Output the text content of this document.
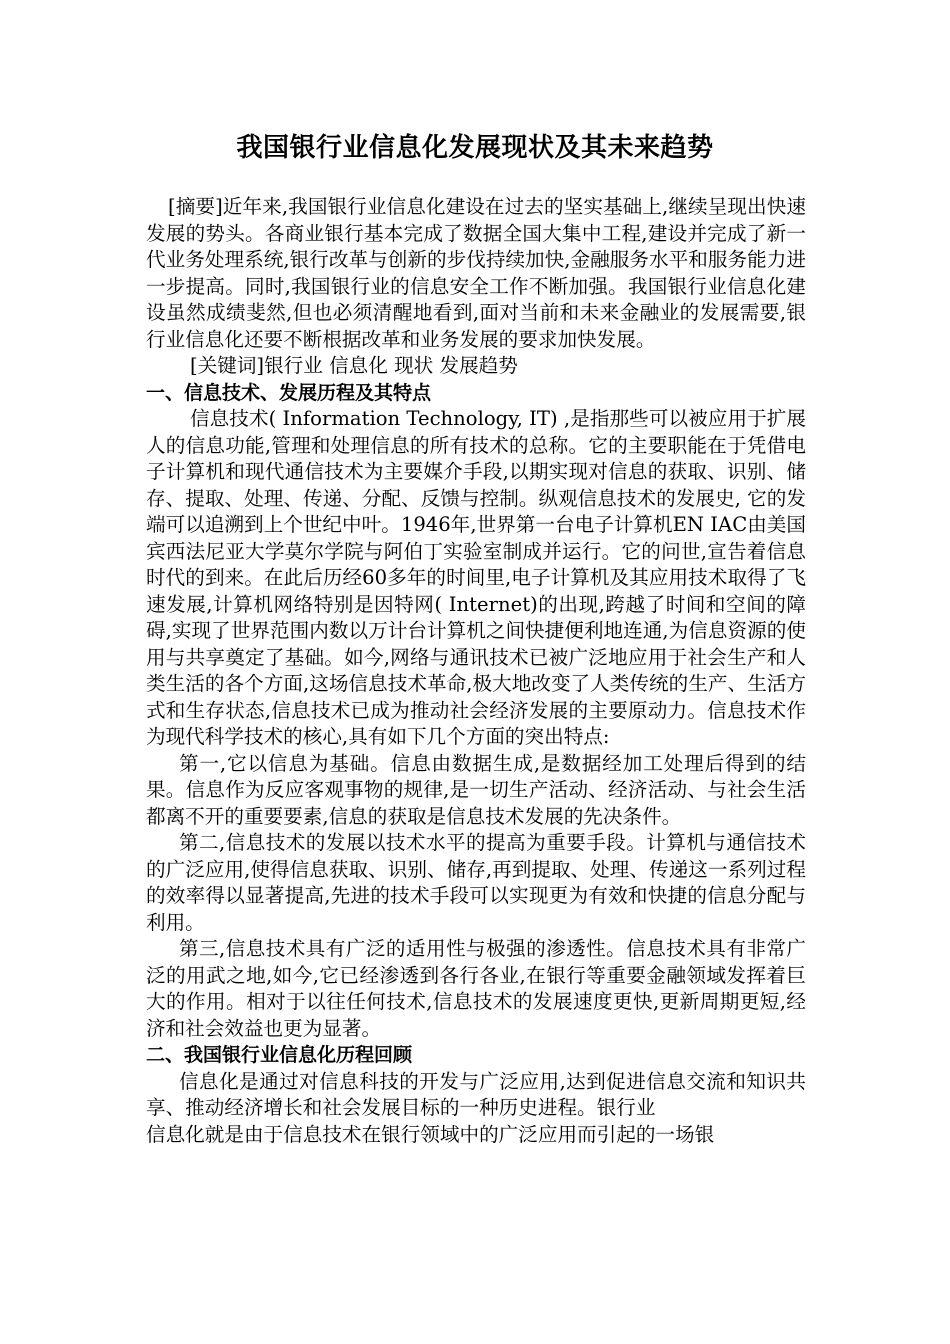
我国银行业信息化发展现状及其未来趋势

[摘要]近年来,我国银行业信息化建设在过去的坚实基础上,继续呈现出快速发展的势头。各商业银行基本完成了数据全国大集中工程,建设并完成了新一代业务处理系统,银行改革与创新的步伐持续加快,金融服务水平和服务能力进一步提高。同时,我国银行业的信息安全工作不断加强。我国银行业信息化建设虽然成绩斐然,但也必须清醒地看到,面对当前和未来金融业的发展需要,银行业信息化还要不断根据改革和业务发展的要求加快发展。

[关键词]银行业 信息化 现状 发展趋势

一、信息技术、发展历程及其特点

信息技术( Information Technology, IT) ,是指那些可以被应用于扩展人的信息功能,管理和处理信息的所有技术的总称。它的主要职能在于凭借电子计算机和现代通信技术为主要媒介手段,以期实现对信息的获取、识别、储存、提取、处理、传递、分配、反馈与控制。纵观信息技术的发展史, 它的发端可以追溯到上个世纪中叶。1946年,世界第一台电子计算机EN IAC由美国宾西法尼亚大学莫尔学院与阿伯丁实验室制成并运行。它的问世,宣告着信息时代的到来。在此后历经60多年的时间里,电子计算机及其应用技术取得了飞速发展,计算机网络特别是因特网( Internet)的出现,跨越了时间和空间的障碍,实现了世界范围内数以万计台计算机之间快捷便利地连通,为信息资源的使用与共享奠定了基础。如今,网络与通讯技术已被广泛地应用于社会生产和人类生活的各个方面,这场信息技术革命,极大地改变了人类传统的生产、生活方式和生存状态,信息技术已成为推动社会经济发展的主要原动力。信息技术作为现代科学技术的核心,具有如下几个方面的突出特点:

第一,它以信息为基础。信息由数据生成,是数据经加工处理后得到的结果。信息作为反应客观事物的规律,是一切生产活动、经济活动、与社会生活都离不开的重要要素,信息的获取是信息技术发展的先决条件。

第二,信息技术的发展以技术水平的提高为重要手段。计算机与通信技术的广泛应用,使得信息获取、识别、储存,再到提取、处理、传递这一系列过程的效率得以显著提高,先进的技术手段可以实现更为有效和快捷的信息分配与利用。

第三,信息技术具有广泛的适用性与极强的渗透性。信息技术具有非常广泛的用武之地,如今,它已经渗透到各行各业,在银行等重要金融领域发挥着巨大的作用。相对于以往任何技术,信息技术的发展速度更快,更新周期更短,经济和社会效益也更为显著。

二、我国银行业信息化历程回顾

信息化是通过对信息科技的开发与广泛应用,达到促进信息交流和知识共享、推动经济增长和社会发展目标的一种历史进程。银行业

信息化就是由于信息技术在银行领域中的广泛应用而引起的一场银
